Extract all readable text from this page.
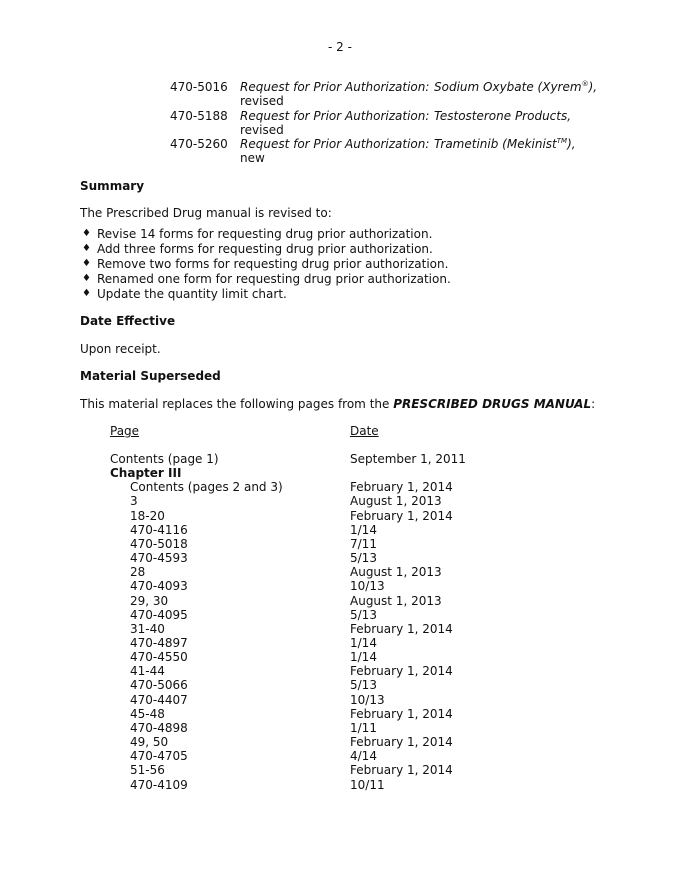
- 2 -
470-5016 Request for Prior Authorization: Sodium Oxybate (Xyrem®),
revised
470-5188 Request for Prior Authorization: Testosterone Products,
revised
470-5260 Request for Prior Authorization: Trametinib (Mekinist™),
new
Summary
The Prescribed Drug manual is revised to:
♦ Revise 14 forms for requesting drug prior authorization.
♦ Add three forms for requesting drug prior authorization.
♦ Remove two forms for requesting drug prior authorization.
♦ Renamed one form for requesting drug prior authorization.
♦ Update the quantity limit chart.
Date Effective
Upon receipt.
Material Superseded
This material replaces the following pages from the PRESCRIBED DRUGS MANUAL:
Page	Date
Contents (page 1)	September 1, 2011
Chapter III
Contents (pages 2 and 3)	February 1, 2014
3	August 1, 2013
18-20	February 1, 2014
470-4116	1/14
470-5018	7/11
470-4593	5/13
28	August 1, 2013
470-4093	10/13
29, 30	August 1, 2013
470-4095	5/13
31-40	February 1, 2014
470-4897	1/14
470-4550	1/14
41-44	February 1, 2014
470-5066	5/13
470-4407	10/13
45-48	February 1, 2014
470-4898	1/11
49, 50	February 1, 2014
470-4705	4/14
51-56	February 1, 2014
470-4109	10/11
